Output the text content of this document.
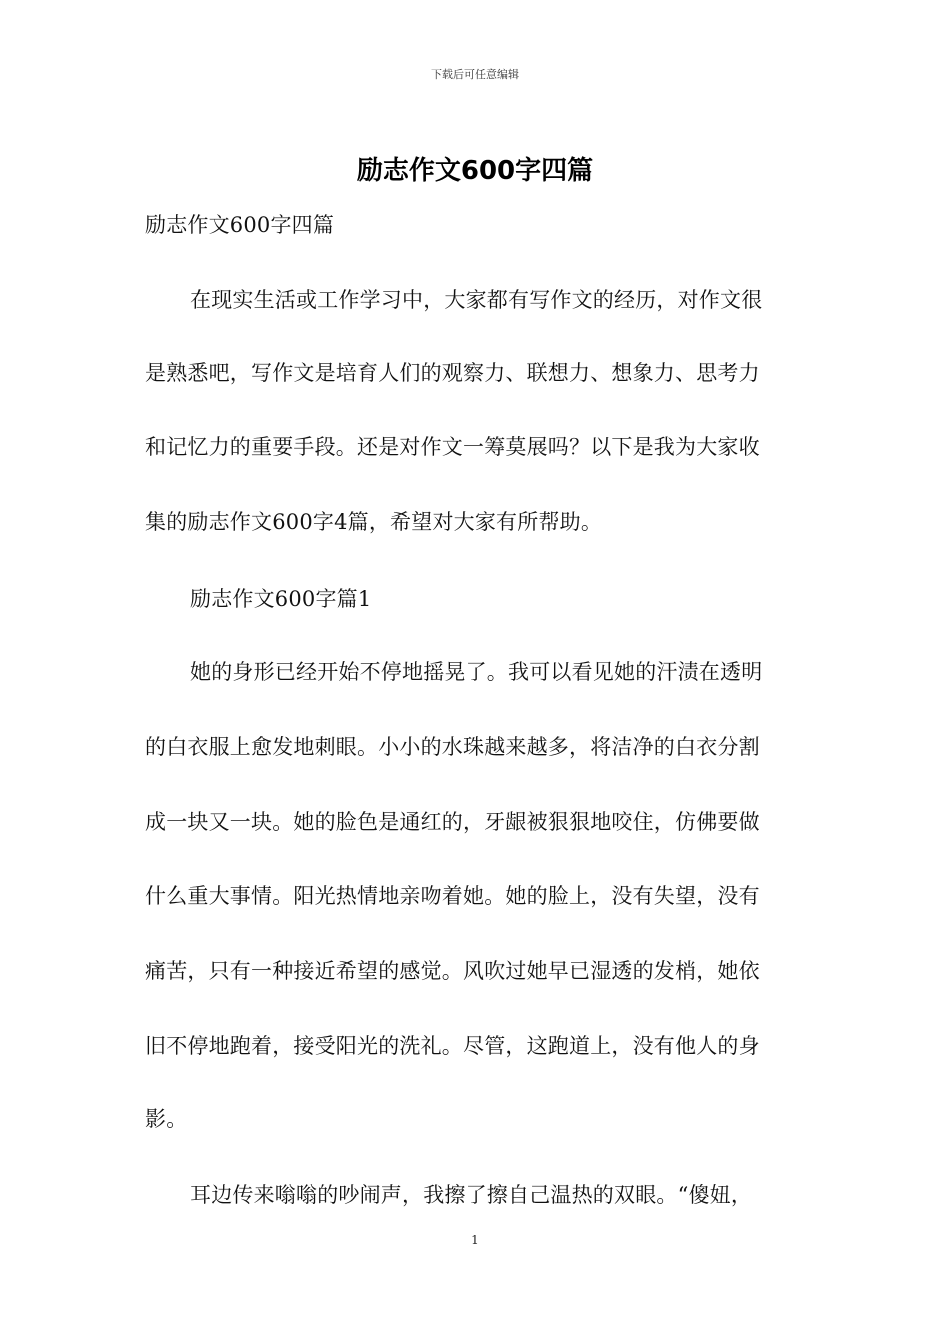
下载后可任意编辑
励志作文600字四篇
励志作文600字四篇
在现实生活或工作学习中，大家都有写作文的经历，对作文很
是熟悉吧，写作文是培育人们的观察力、联想力、想象力、思考力
和记忆力的重要手段。还是对作文一筹莫展吗？以下是我为大家收
集的励志作文600字4篇，希望对大家有所帮助。
励志作文600字篇1
她的身形已经开始不停地摇晃了。我可以看见她的汗渍在透明
的白衣服上愈发地刺眼。小小的水珠越来越多，将洁净的白衣分割
成一块又一块。她的脸色是通红的，牙龈被狠狠地咬住，仿佛要做
什么重大事情。阳光热情地亲吻着她。她的脸上，没有失望，没有
痛苦，只有一种接近希望的感觉。风吹过她早已湿透的发梢，她依
旧不停地跑着，接受阳光的洗礼。尽管，这跑道上，没有他人的身
影。
耳边传来嗡嗡的吵闹声，我擦了擦自己温热的双眼。“傻妞，
1
